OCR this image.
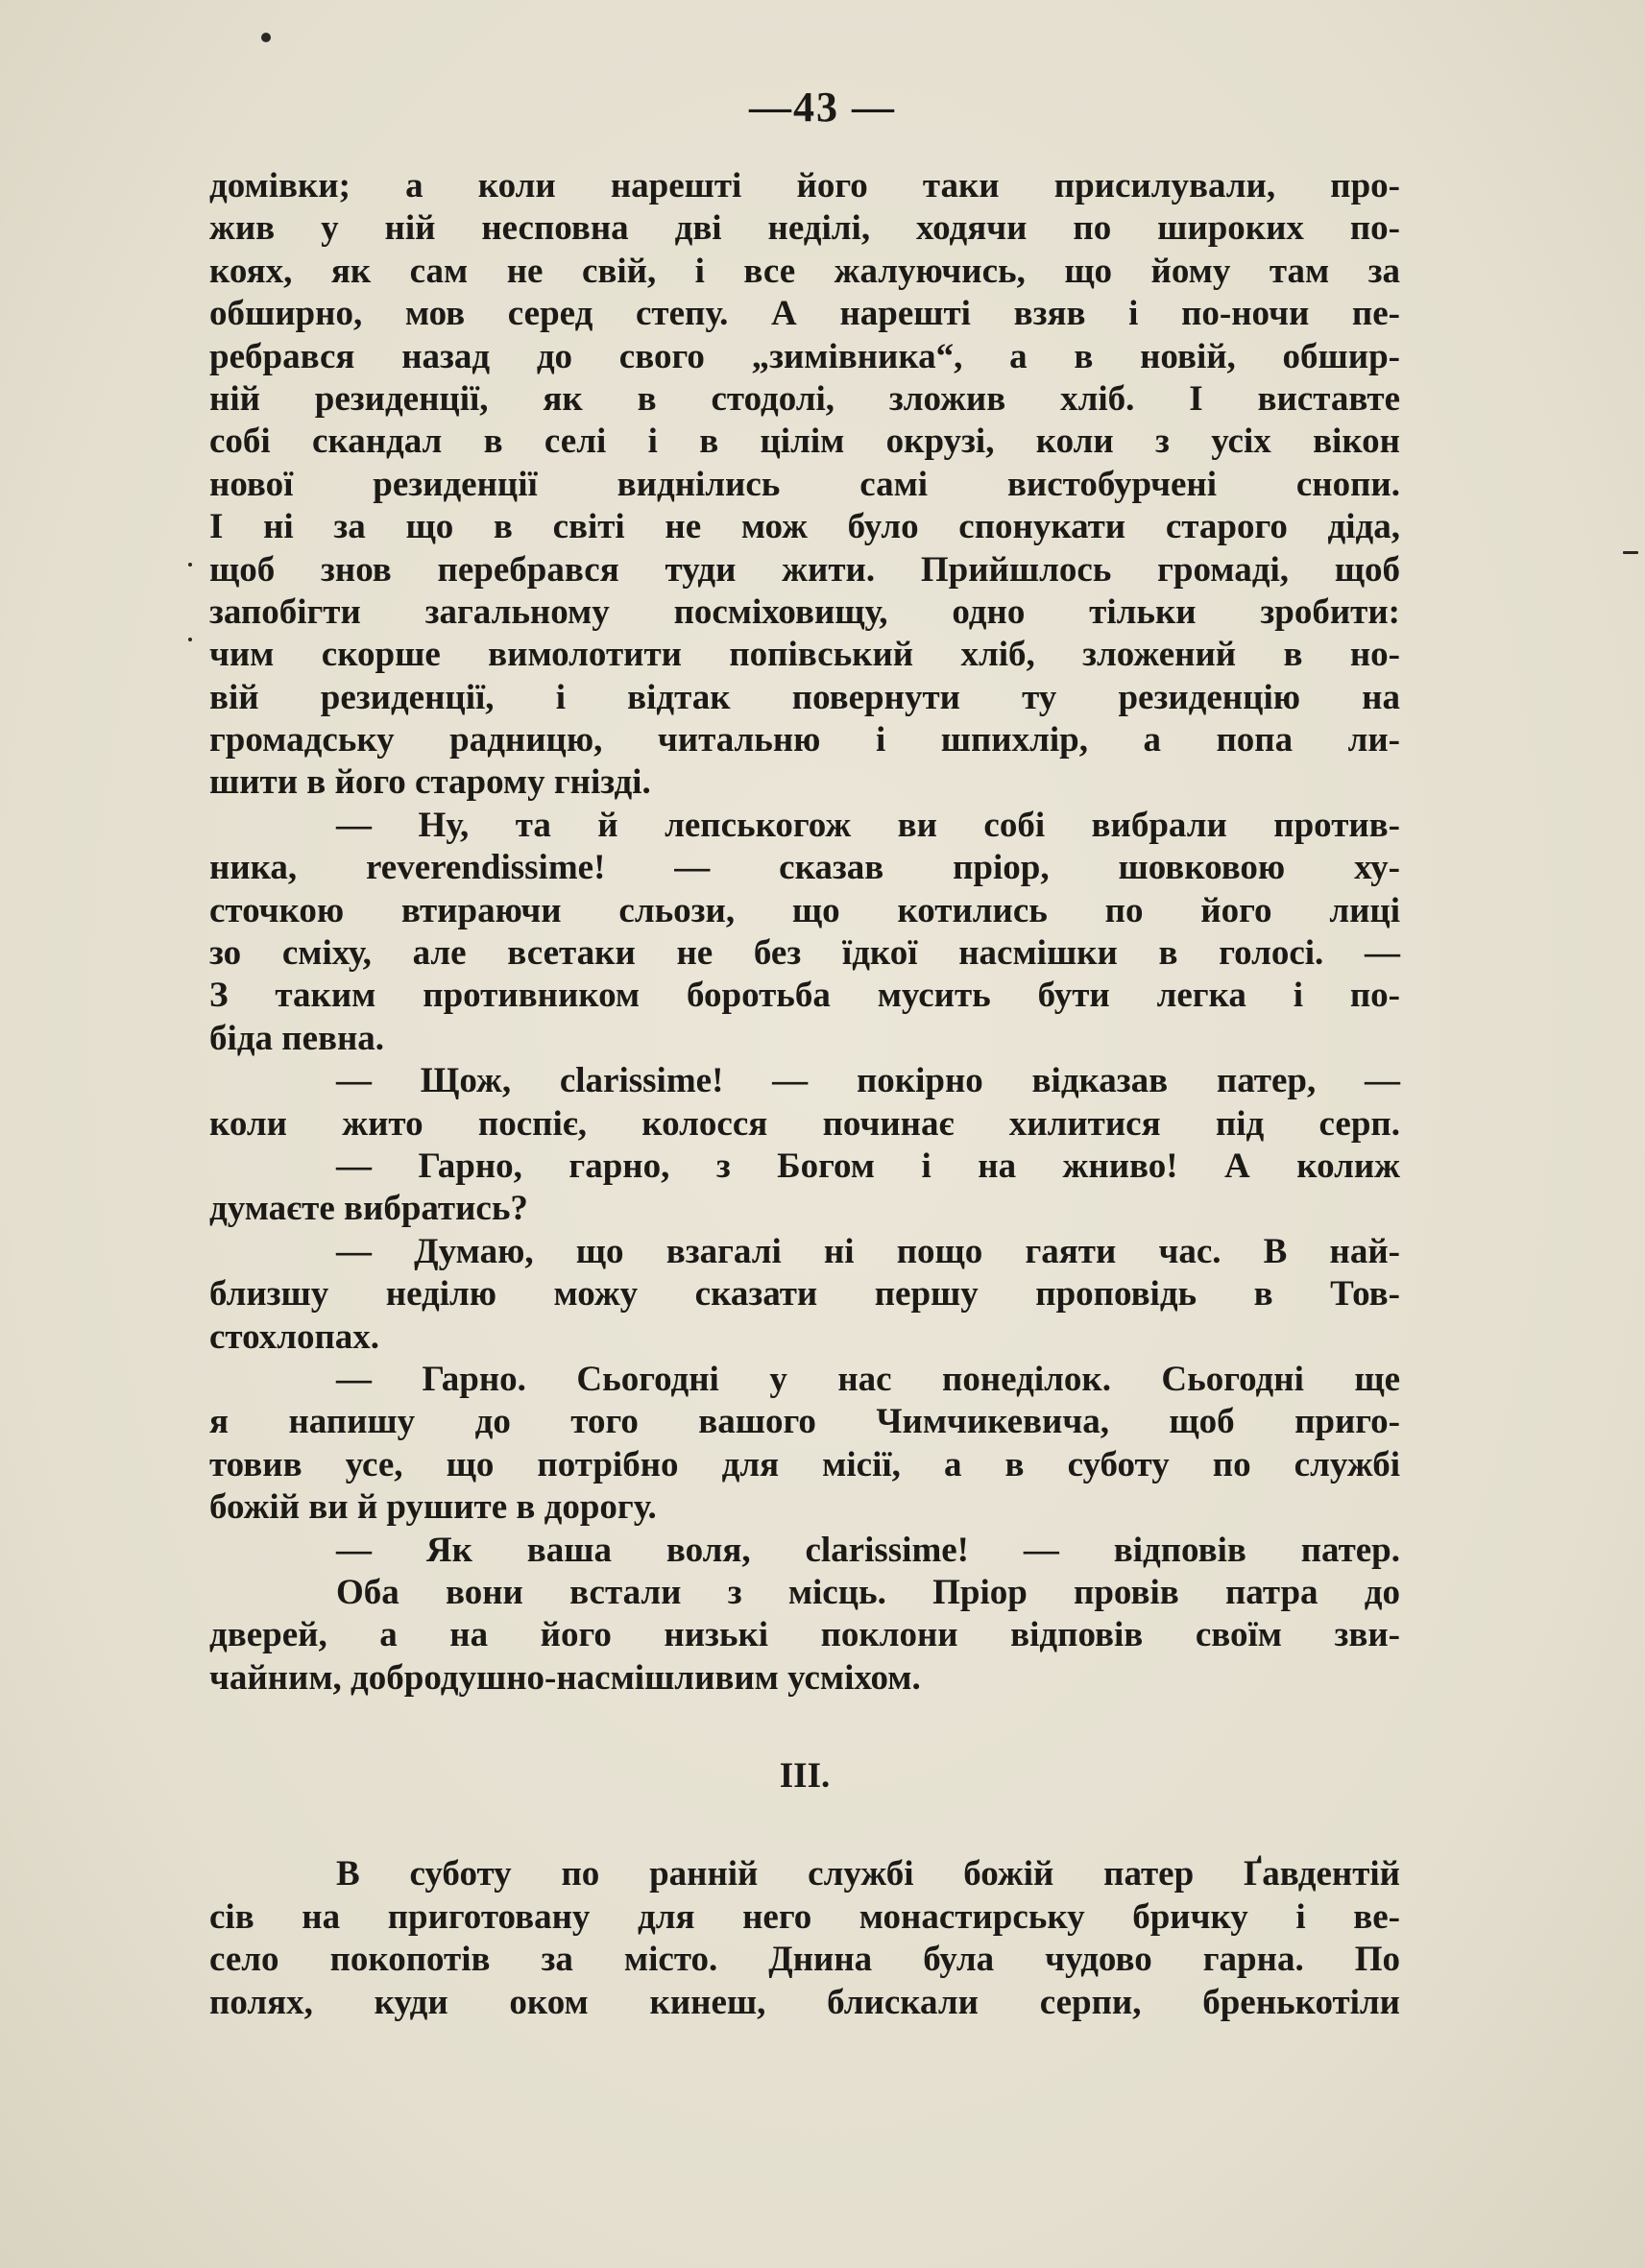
—43 —
домівки; а коли нарешті його таки присилували, про-
жив у ній несповна дві неділі, ходячи по широких по-
коях, як сам не свій, і все жалуючись, що йому там за
обширно, мов серед степу. А нарешті взяв і по-ночи пе-
ребрався назад до свого „зимівника“, а в новій, обшир-
ній резиденції, як в стодолі, зложив хліб. І виставте
собі скандал в селі і в цілім окрузі, коли з усіх вікон
нової резиденції виднілись самі вистобурчені снопи.
І ні за що в світі не мож було спонукати старого діда,
щоб знов перебрався туди жити. Прийшлось громаді, щоб
запобігти загальному посміховищу, одно тільки зробити:
чим скорше вимолотити попівський хліб, зложений в но-
вій резиденції, і відтак повернути ту резиденцію на
громадську радницю, читальню і шпихлір, а попа ли-
шити в його старому гнізді.
— Ну, та й лепськогож ви собі вибрали против-
ника, reverendissime! — сказав пріор, шовковою ху-
сточкою втираючи сльози, що котились по його лиці
зо сміху, але всетаки не без їдкої насмішки в голосі. —
З таким противником боротьба мусить бути легка і по-
біда певна.
— Щож, clarissime! — покірно відказав патер, —
коли жито поспіє, колосся починає хилитися під серп.
— Гарно, гарно, з Богом і на жниво! А колиж
думаєте вибратись?
— Думаю, що взагалі ні пощо гаяти час. В най-
близшу неділю можу сказати першу проповідь в Тов-
стохлопах.
— Гарно. Сьогодні у нас понеділок. Сьогодні ще
я напишу до того вашого Чимчикевича, щоб приго-
товив усе, що потрібно для місії, а в суботу по службі
божій ви й рушите в дорогу.
— Як ваша воля, clarissime! — відповів патер.
Оба вони встали з місць. Пріор провів патра до
дверей, а на його низькі поклони відповів своїм зви-
чайним, добродушно-насмішливим усміхом.
III.
В суботу по ранній службі божій патер Ґавдентій
сів на приготовану для него монастирську бричку і ве-
село покопотів за місто. Днина була чудово гарна. По
полях, куди оком кинеш, блискали серпи, бренькотіли
